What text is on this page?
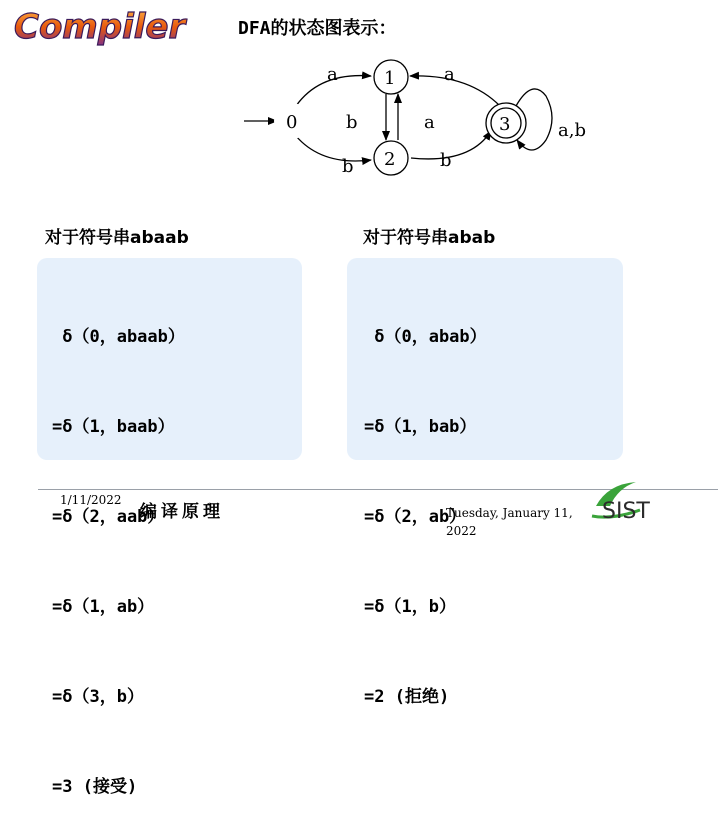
Compiler	DFA的状态图表示：
0
1
2
3
a	a
b	a
b	b
a,b
对于符号串abaab	对于符号串abab

δ（0，abaab）

=δ（1，baab）

=δ（2，aab）

=δ（1，ab）

=δ（3，b）

=3 (接受)

δ（0，abab）

=δ（1，bab）

=δ（2，ab）

=δ（1，b）

=2 (拒绝)

1/11/2022
编译原理	Tuesday, January 11,
2022
SIST
